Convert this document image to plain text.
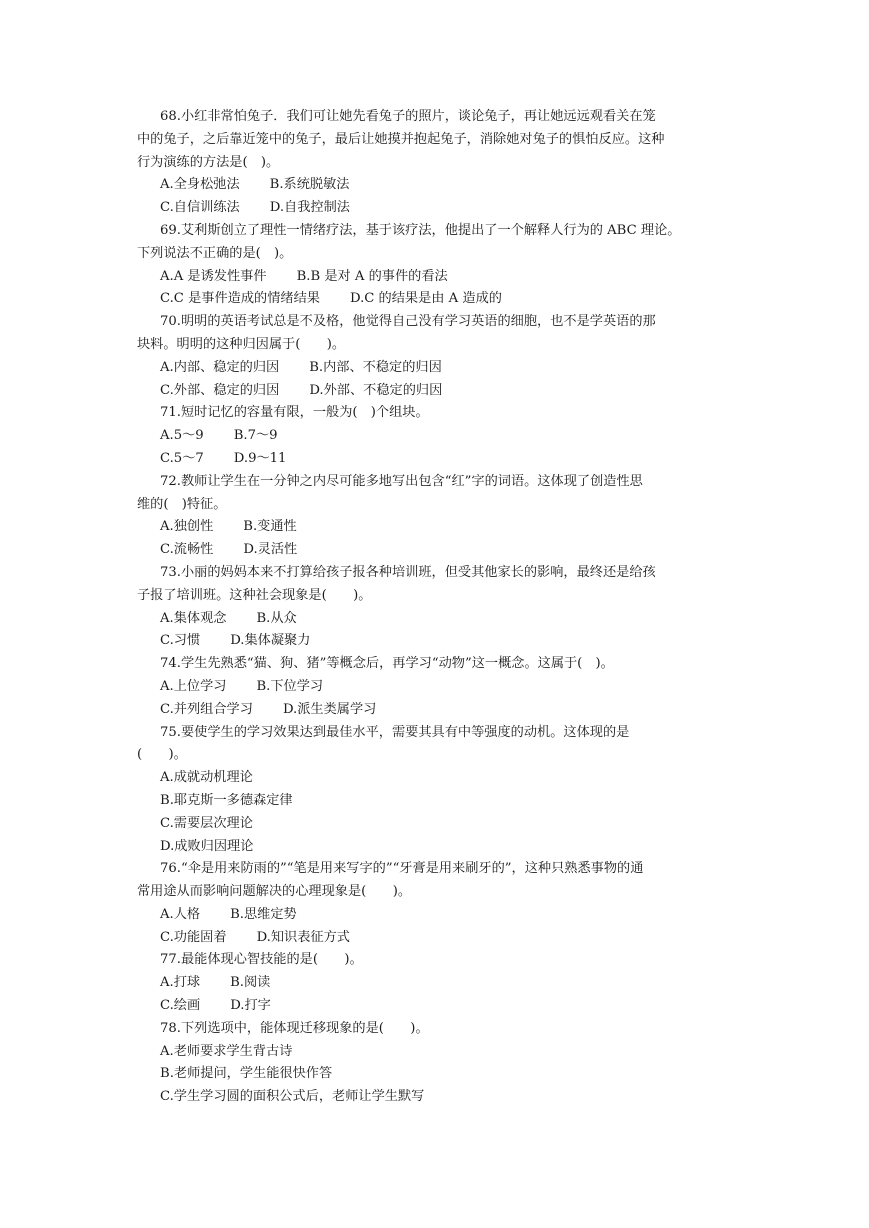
68.小红非常怕兔子．我们可让她先看兔子的照片，谈论兔子，再让她远远观看关在笼
中的兔子，之后靠近笼中的兔子，最后让她摸并抱起兔子，消除她对兔子的惧怕反应。这种
行为演练的方法是(　)。
A.全身松弛法 B.系统脱敏法
C.自信训练法 D.自我控制法
69.艾利斯创立了理性一情绪疗法，基于该疗法，他提出了一个解释人行为的 ABC 理论。
下列说法不正确的是(　)。
A.A 是诱发性事件 B.B 是对 A 的事件的看法
C.C 是事件造成的情绪结果 D.C 的结果是由 A 造成的
70.明明的英语考试总是不及格，他觉得自己没有学习英语的细胞，也不是学英语的那
块料。明明的这种归因属于(　　)。
A.内部、稳定的归因 B.内部、不稳定的归因
C.外部、稳定的归因 D.外部、不稳定的归因
71.短时记忆的容量有限，一般为(　)个组块。
A.5～9 B.7～9
C.5～7 D.9～11
72.教师让学生在一分钟之内尽可能多地写出包含“红”字的词语。这体现了创造性思
维的(　)特征。
A.独创性 B.变通性
C.流畅性 D.灵活性
73.小丽的妈妈本来不打算给孩子报各种培训班，但受其他家长的影响，最终还是给孩
子报了培训班。这种社会现象是(　　)。
A.集体观念 B.从众
C.习惯 D.集体凝聚力
74.学生先熟悉“猫、狗、猪”等概念后，再学习“动物”这一概念。这属于(　)。
A.上位学习 B.下位学习
C.并列组合学习 D.派生类属学习
75.要使学生的学习效果达到最佳水平，需要其具有中等强度的动机。这体现的是
(　　)。
A.成就动机理论
B.耶克斯一多德森定律
C.需要层次理论
D.成败归因理论
76.“伞是用来防雨的”“笔是用来写字的”“牙膏是用来刷牙的”，这种只熟悉事物的通
常用途从而影响问题解决的心理现象是(　　)。
A.人格 B.思维定势
C.功能固着 D.知识表征方式
77.最能体现心智技能的是(　　)。
A.打球 B.阅读
C.绘画 D.打字
78.下列选项中，能体现迁移现象的是(　　)。
A.老师要求学生背古诗
B.老师提问，学生能很快作答
C.学生学习圆的面积公式后，老师让学生默写
